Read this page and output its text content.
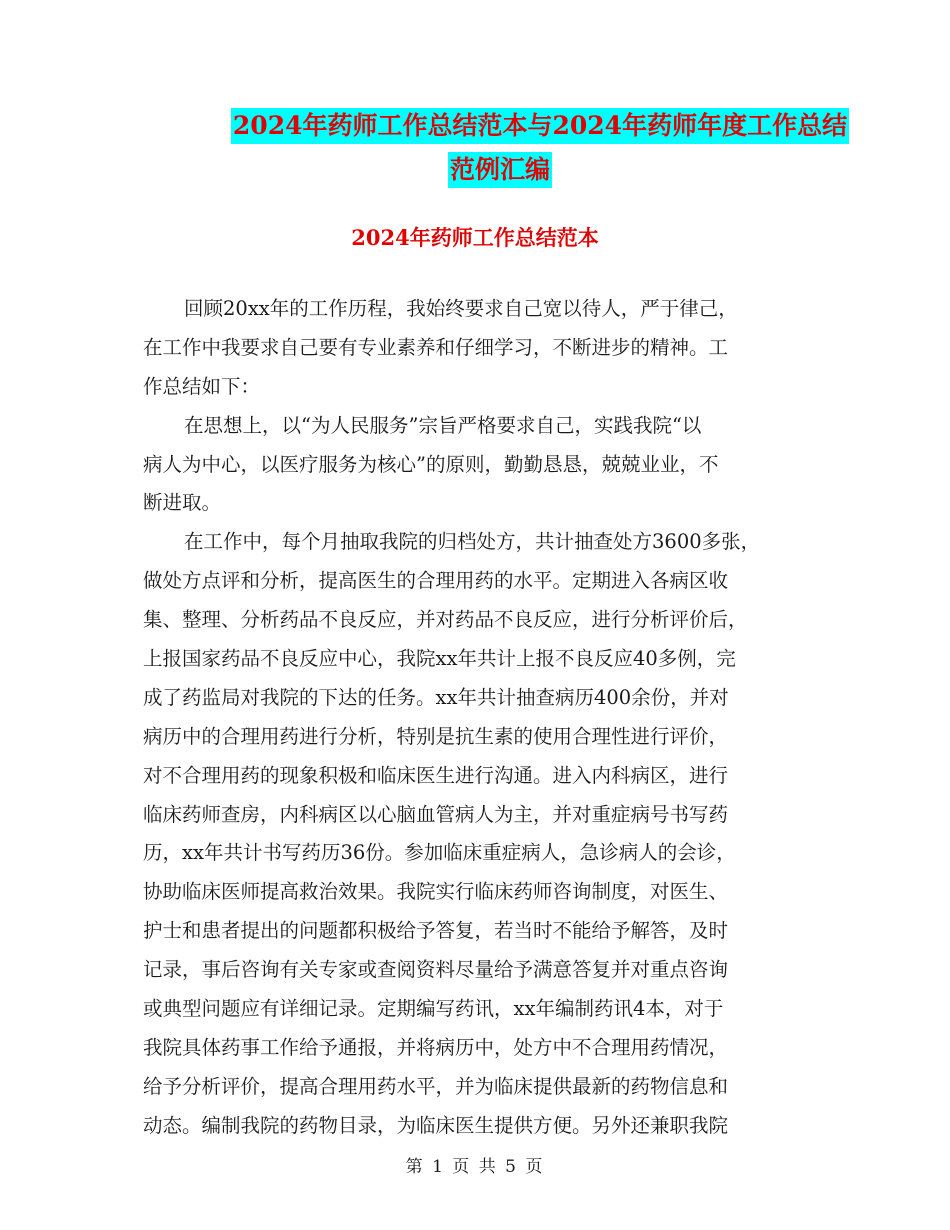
2024年药师工作总结范本与2024年药师年度工作总结
范例汇编
2024年药师工作总结范本
回顾20xx年的工作历程，我始终要求自己宽以待人，严于律己，
在工作中我要求自己要有专业素养和仔细学习，不断进步的精神。工
作总结如下：
在思想上，以“为人民服务”宗旨严格要求自己，实践我院“以
病人为中心，以医疗服务为核心”的原则，勤勤恳恳，兢兢业业，不
断进取。
在工作中，每个月抽取我院的归档处方，共计抽查处方3600多张，
做处方点评和分析，提高医生的合理用药的水平。定期进入各病区收
集、整理、分析药品不良反应，并对药品不良反应，进行分析评价后，
上报国家药品不良反应中心，我院xx年共计上报不良反应40多例，完
成了药监局对我院的下达的任务。xx年共计抽查病历400余份，并对
病历中的合理用药进行分析，特别是抗生素的使用合理性进行评价，
对不合理用药的现象积极和临床医生进行沟通。进入内科病区，进行
临床药师查房，内科病区以心脑血管病人为主，并对重症病号书写药
历，xx年共计书写药历36份。参加临床重症病人，急诊病人的会诊，
协助临床医师提高救治效果。我院实行临床药师咨询制度，对医生、
护士和患者提出的问题都积极给予答复，若当时不能给予解答，及时
记录，事后咨询有关专家或查阅资料尽量给予满意答复并对重点咨询
或典型问题应有详细记录。定期编写药讯，xx年编制药讯4本，对于
我院具体药事工作给予通报，并将病历中，处方中不合理用药情况，
给予分析评价，提高合理用药水平，并为临床提供最新的药物信息和
动态。编制我院的药物目录，为临床医生提供方便。另外还兼职我院
第 1 页 共 5 页
